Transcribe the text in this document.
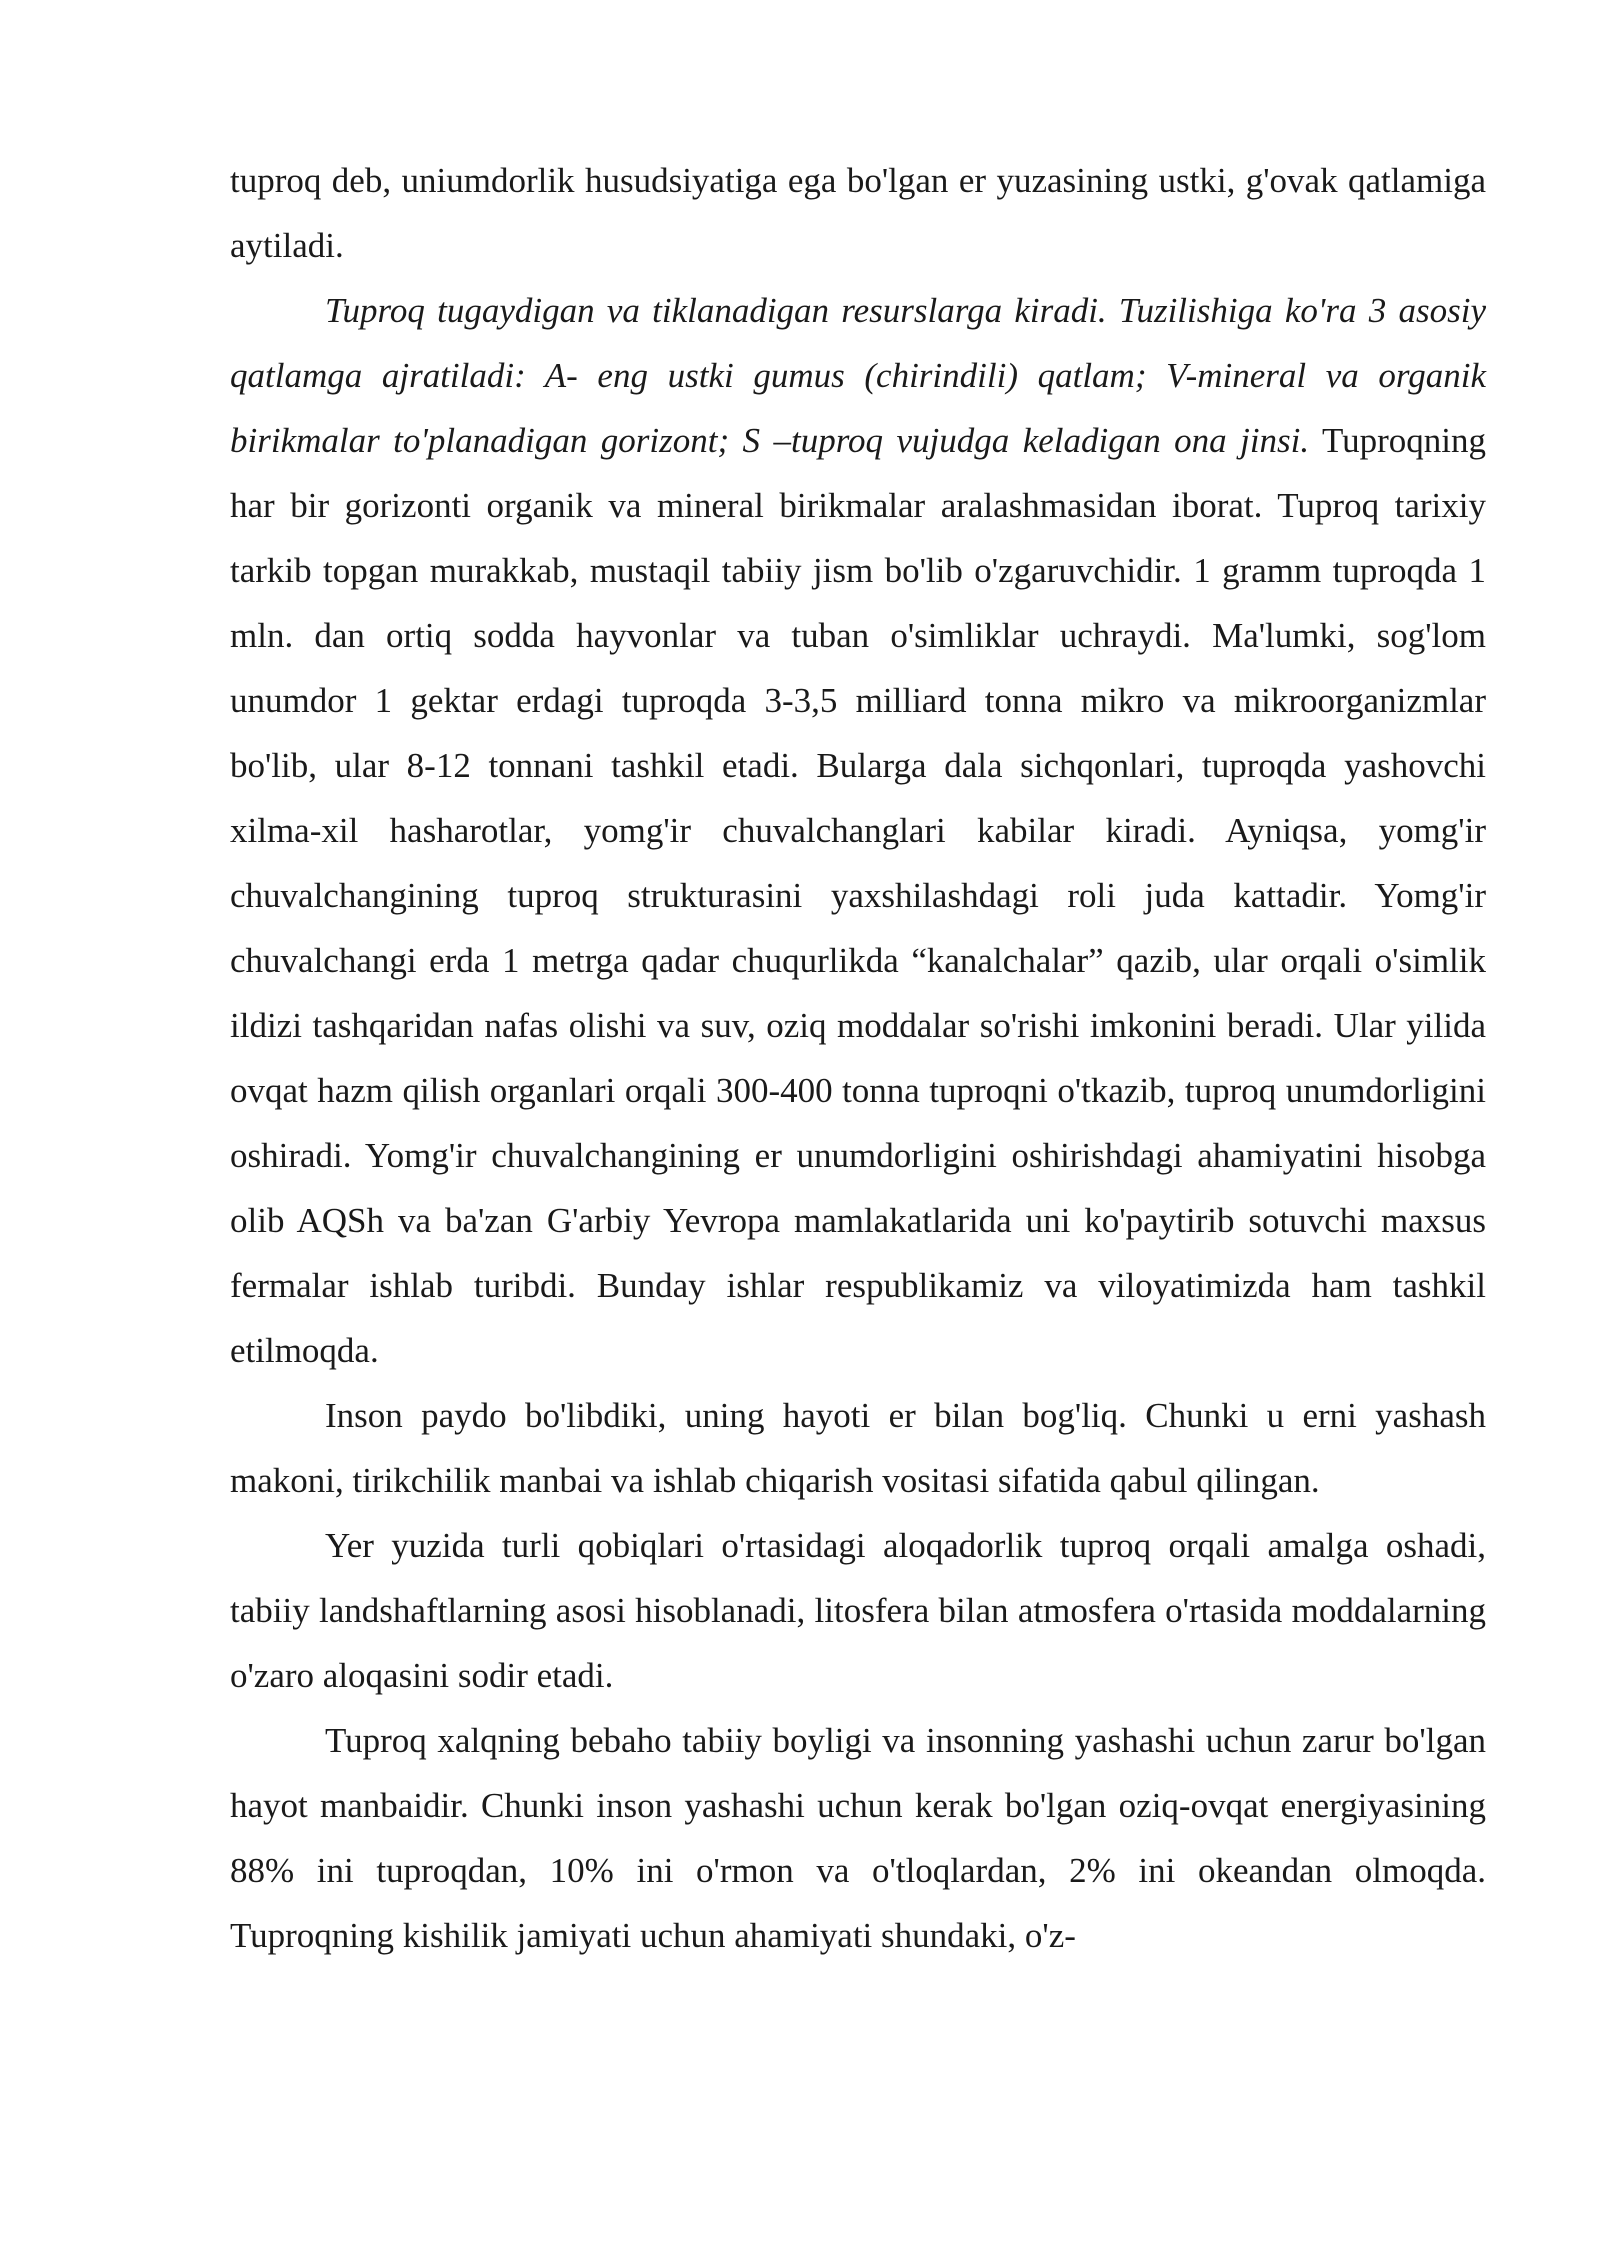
tuproq deb, uniumdorlik husudsiyatiga ega bo'lgan er yuzasining ustki, g'ovak qatlamiga aytiladi.

Tuproq tugaydigan va tiklanadigan resurslarga kiradi. Tuzilishiga ko'ra 3 asosiy qatlamga ajratiladi: A- eng ustki gumus (chirindili) qatlam; V-mineral va organik birikmalar to'planadigan gorizont; S –tuproq vujudga keladigan ona jinsi. Tuproqning har bir gorizonti organik va mineral birikmalar aralashmasidan iborat. Tuproq tarixiy tarkib topgan murakkab, mustaqil tabiiy jism bo'lib o'zgaruvchidir. 1 gramm tuproqda 1 mln. dan ortiq sodda hayvonlar va tuban o'simliklar uchraydi. Ma'lumki, sog'lom unumdor 1 gektar erdagi tuproqda 3-3,5 milliard tonna mikro va mikroorganizmlar bo'lib, ular 8-12 tonnani tashkil etadi. Bularga dala sichqonlari, tuproqda yashovchi xilma-xil hasharotlar, yomg'ir chuvalchanglari kabilar kiradi. Ayniqsa, yomg'ir chuvalchangining tuproq strukturasini yaxshilashdagi roli juda kattadir. Yomg'ir chuvalchangi erda 1 metrga qadar chuqurlikda “kanalchalar” qazib, ular orqali o'simlik ildizi tashqaridan nafas olishi va suv, oziq moddalar so'rishi imkonini beradi. Ular yilida ovqat hazm qilish organlari orqali 300-400 tonna tuproqni o'tkazib, tuproq unumdorligini oshiradi. Yomg'ir chuvalchangining er unumdorligini oshirishdagi ahamiyatini hisobga olib AQSh va ba'zan G'arbiy Yevropa mamlakatlarida uni ko'paytirib sotuvchi maxsus fermalar ishlab turibdi. Bunday ishlar respublikamiz va viloyatimizda ham tashkil etilmoqda.

Inson paydo bo'libdiki, uning hayoti er bilan bog'liq. Chunki u erni yashash makoni, tirikchilik manbai va ishlab chiqarish vositasi sifatida qabul qilingan.

Yer yuzida turli qobiqlari o'rtasidagi aloqadorlik tuproq orqali amalga oshadi, tabiiy landshaftlarning asosi hisoblanadi, litosfera bilan atmosfera o'rtasida moddalarning o'zaro aloqasini sodir etadi.

Tuproq xalqning bebaho tabiiy boyligi va insonning yashashi uchun zarur bo'lgan hayot manbaidir. Chunki inson yashashi uchun kerak bo'lgan oziq-ovqat energiyasining 88% ini tuproqdan, 10% ini o'rmon va o'tloqlardan, 2% ini okeandan olmoqda. Tuproqning kishilik jamiyati uchun ahamiyati shundaki, o'z-
